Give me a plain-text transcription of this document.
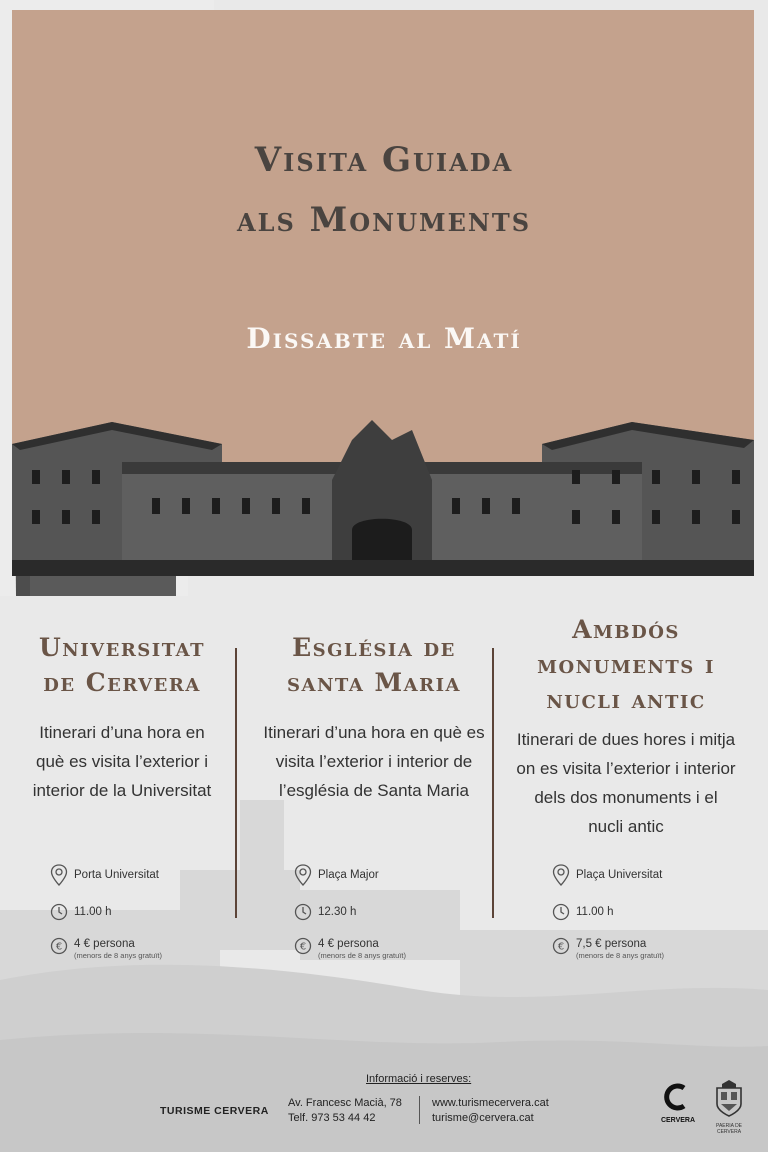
Visita Guiada
als Monuments
Dissabte al Matí
Universitat
de Cervera
Itinerari d’una hora en
què es visita l’exterior i
interior de la Universitat
Església de
santa Maria
Itinerari d’una hora en què es
visita l’exterior i interior de
l’església de Santa Maria
Ambdós
monuments i
nucli antic
Itinerari de dues hores i mitja
on es visita l’exterior i interior
dels dos monuments i el
nucli antic
Porta Universitat
11.00 h
€ 4 € persona
(menors de 8 anys gratuït)
Plaça Major
12.30 h
€ 4 € persona
(menors de 8 anys gratuït)
Plaça Universitat
11.00 h
€ 7,5 € persona
(menors de 8 anys gratuït)
Informació i reserves:
TURISME CERVERA
Av. Francesc Macià, 78
Telf. 973 53 44 42
www.turismecervera.cat
turisme@cervera.cat	CERVERA
PAERIA DE CERVERA
